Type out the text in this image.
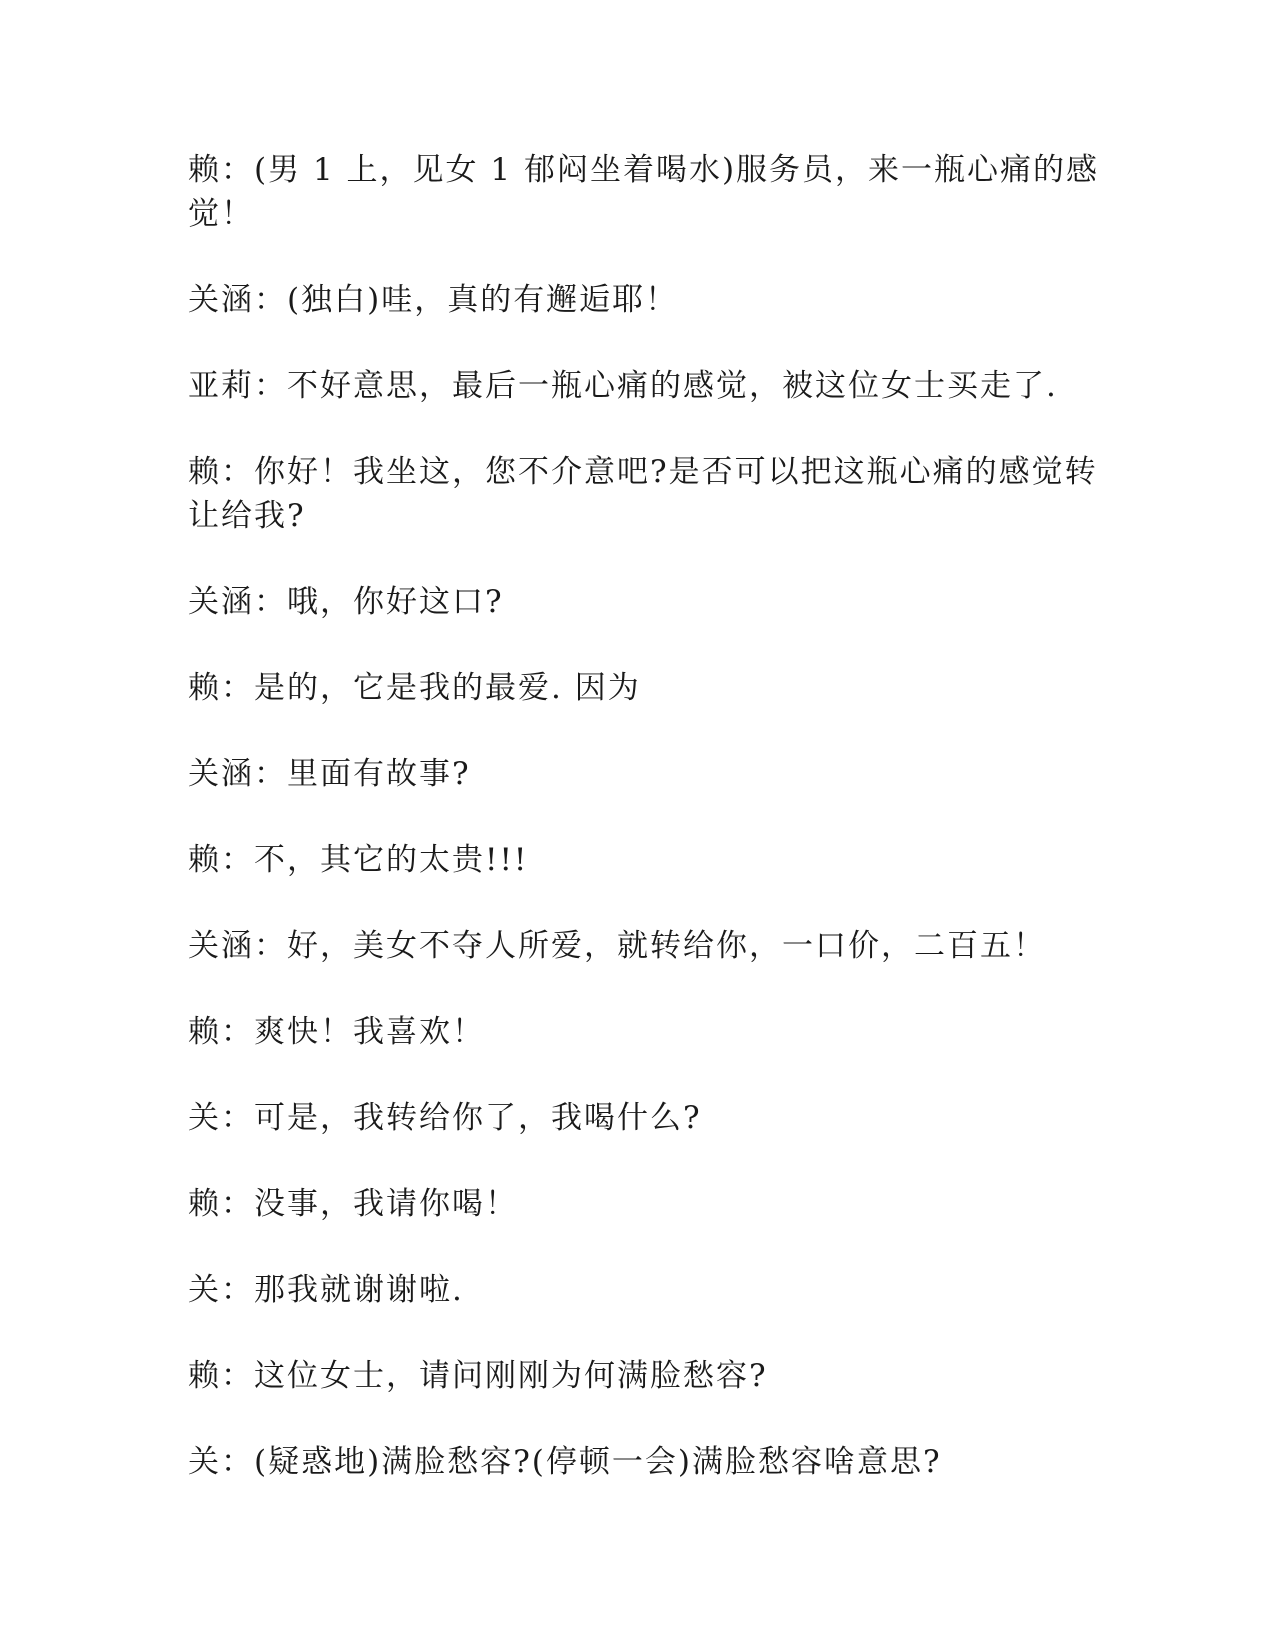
赖：(男 1 上，见女 1 郁闷坐着喝水)服务员，来一瓶心痛的感觉！

关涵：(独白)哇，真的有邂逅耶！

亚莉：不好意思，最后一瓶心痛的感觉，被这位女士买走了.

赖：你好！我坐这，您不介意吧?是否可以把这瓶心痛的感觉转让给我?

关涵：哦，你好这口?

赖：是的，它是我的最爱. 因为

关涵：里面有故事?

赖：不，其它的太贵!!!

关涵：好，美女不夺人所爱，就转给你，一口价，二百五！

赖：爽快！我喜欢！

关：可是，我转给你了，我喝什么?

赖：没事，我请你喝！

关：那我就谢谢啦.

赖：这位女士，请问刚刚为何满脸愁容?

关：(疑惑地)满脸愁容?(停顿一会)满脸愁容啥意思?
